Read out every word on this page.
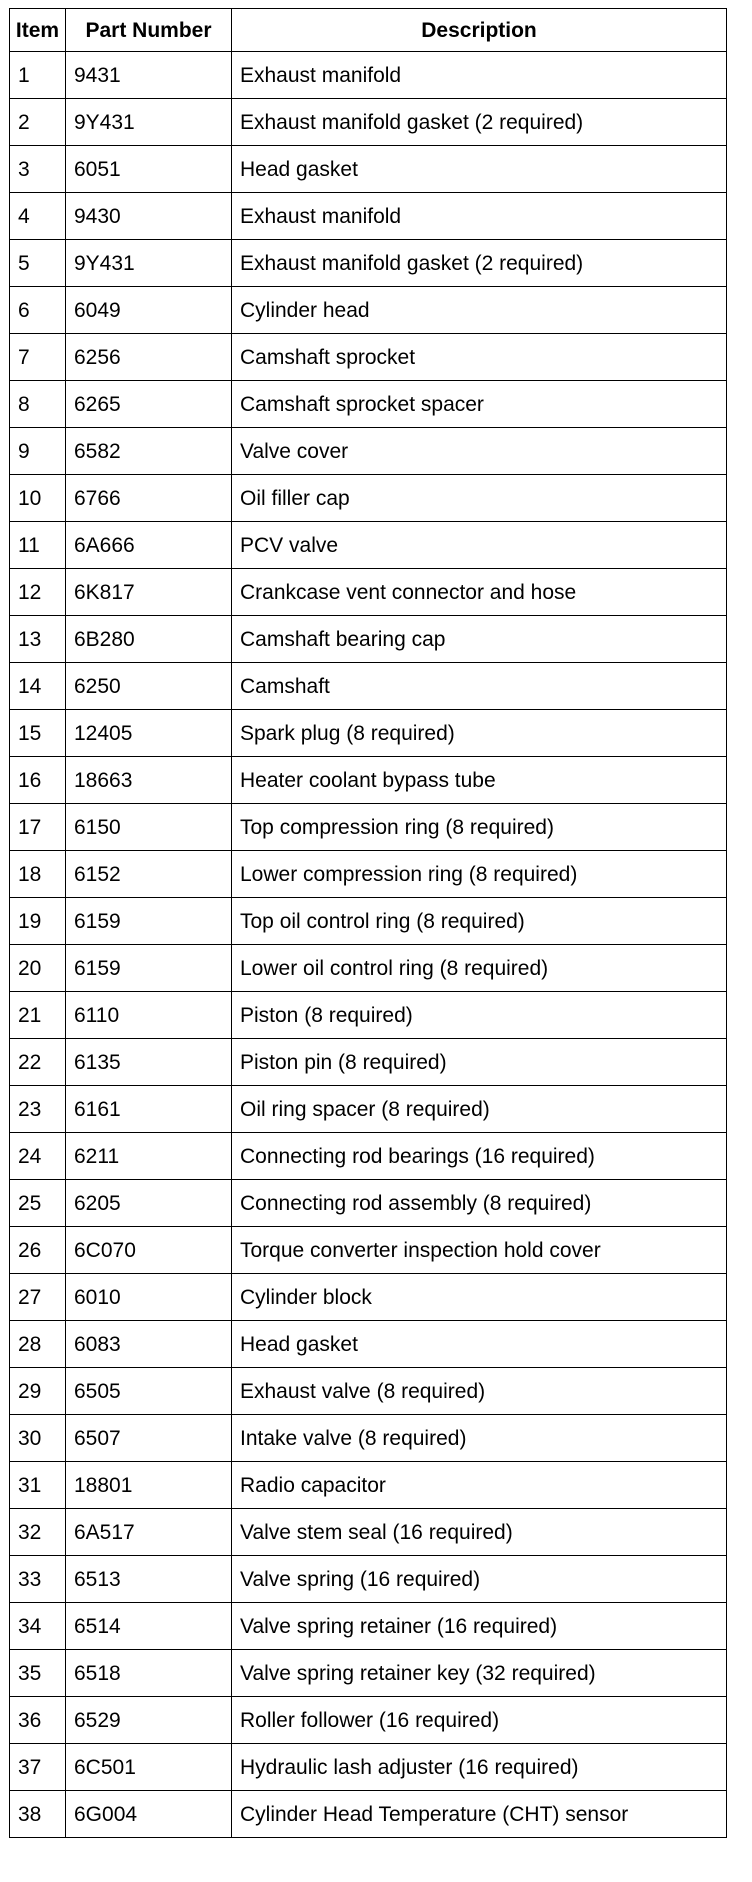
Item	Part Number	Description
1	9431	Exhaust manifold
2	9Y431	Exhaust manifold gasket (2 required)
3	6051	Head gasket
4	9430	Exhaust manifold
5	9Y431	Exhaust manifold gasket (2 required)
6	6049	Cylinder head
7	6256	Camshaft sprocket
8	6265	Camshaft sprocket spacer
9	6582	Valve cover
10	6766	Oil filler cap
11	6A666	PCV valve
12	6K817	Crankcase vent connector and hose
13	6B280	Camshaft bearing cap
14	6250	Camshaft
15	12405	Spark plug (8 required)
16	18663	Heater coolant bypass tube
17	6150	Top compression ring (8 required)
18	6152	Lower compression ring (8 required)
19	6159	Top oil control ring (8 required)
20	6159	Lower oil control ring (8 required)
21	6110	Piston (8 required)
22	6135	Piston pin (8 required)
23	6161	Oil ring spacer (8 required)
24	6211	Connecting rod bearings (16 required)
25	6205	Connecting rod assembly (8 required)
26	6C070	Torque converter inspection hold cover
27	6010	Cylinder block
28	6083	Head gasket
29	6505	Exhaust valve (8 required)
30	6507	Intake valve (8 required)
31	18801	Radio capacitor
32	6A517	Valve stem seal (16 required)
33	6513	Valve spring (16 required)
34	6514	Valve spring retainer (16 required)
35	6518	Valve spring retainer key (32 required)
36	6529	Roller follower (16 required)
37	6C501	Hydraulic lash adjuster (16 required)
38	6G004	Cylinder Head Temperature (CHT) sensor
